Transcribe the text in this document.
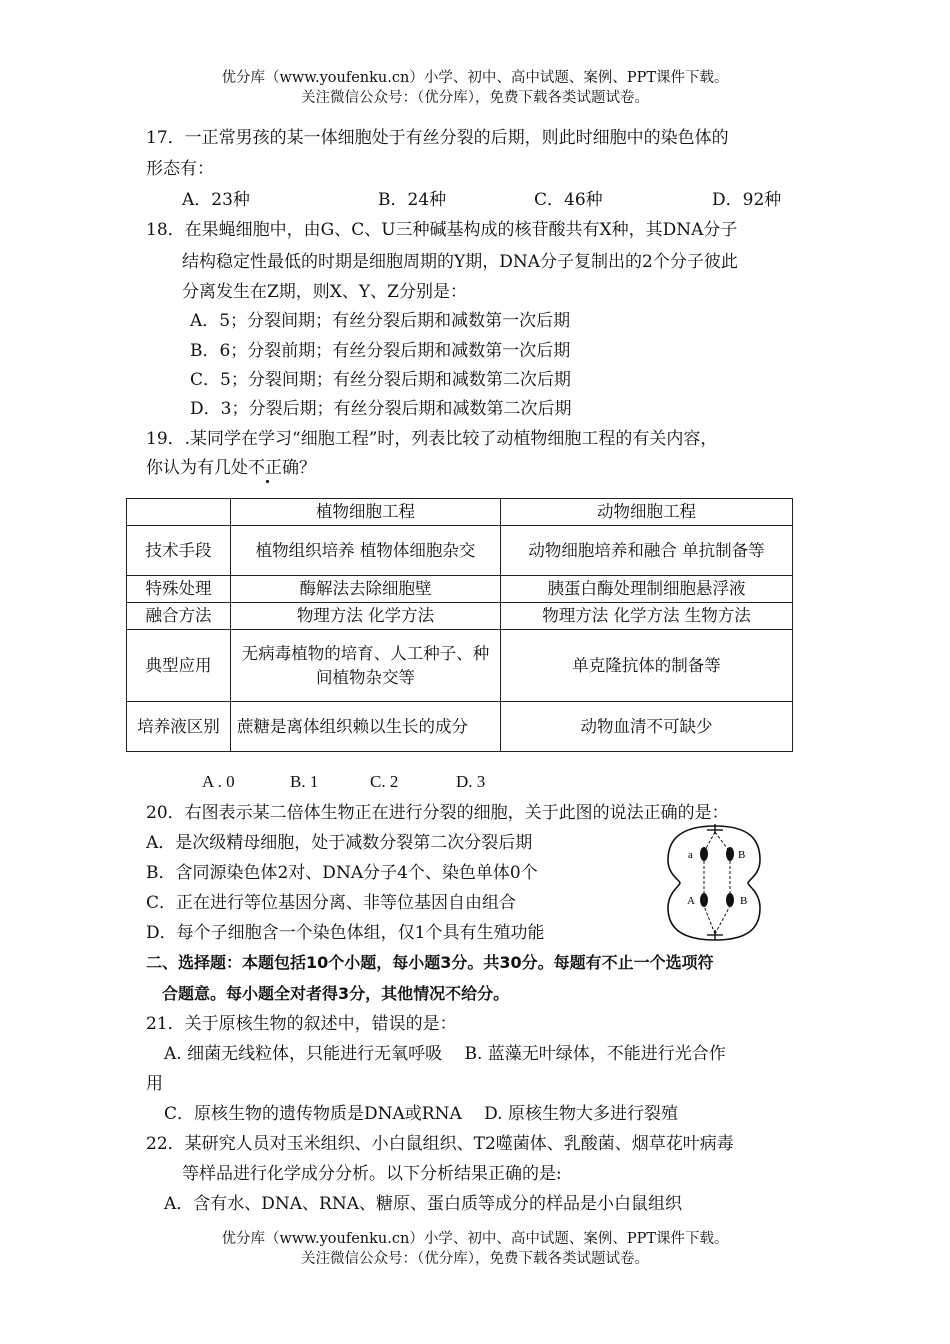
优分库（www.youfenku.cn）小学、初中、高中试题、案例、PPT课件下载。
关注微信公众号：（优分库），免费下载各类试题试卷。
17．一正常男孩的某一体细胞处于有丝分裂的后期，则此时细胞中的染色体的
形态有：
A．23种	B．24种	C．46种	D．92种
18．在果蝇细胞中，由G、C、U三种碱基构成的核苷酸共有X种，其DNA分子
结构稳定性最低的时期是细胞周期的Y期，DNA分子复制出的2个分子彼此
分离发生在Z期，则X、Y、Z分别是：
A．5；分裂间期；有丝分裂后期和减数第一次后期
B．6；分裂前期；有丝分裂后期和减数第一次后期
C．5；分裂间期；有丝分裂后期和减数第二次后期
D．3；分裂后期；有丝分裂后期和减数第二次后期
19．.某同学在学习“细胞工程”时，列表比较了动植物细胞工程的有关内容，
你认为有几处不正确？
	植物细胞工程	动物细胞工程
技术手段	植物组织培养 植物体细胞杂交	动物细胞培养和融合 单抗制备等
特殊处理	酶解法去除细胞壁	胰蛋白酶处理制细胞悬浮液
融合方法	物理方法 化学方法	物理方法 化学方法 生物方法
典型应用	无病毒植物的培育、人工种子、种间植物杂交等	单克隆抗体的制备等
培养液区别	蔗糖是离体组织赖以生长的成分	动物血清不可缺少
A . 0	B. 1	C. 2	D. 3
20．右图表示某二倍体生物正在进行分裂的细胞，关于此图的说法正确的是：
A．是次级精母细胞，处于减数分裂第二次分裂后期
B．含同源染色体2对、DNA分子4个、染色单体0个
C．正在进行等位基因分离、非等位基因自由组合
D．每个子细胞含一个染色体组，仅1个具有生殖功能
a	B
A	B
二、选择题：本题包括10个小题，每小题3分。共30分。每题有不止一个选项符
合题意。每小题全对者得3分，其他情况不给分。
21．关于原核生物的叙述中，错误的是：
A. 细菌无线粒体，只能进行无氧呼吸　 B. 蓝藻无叶绿体，不能进行光合作
用
C．原核生物的遗传物质是DNA或RNA　 D. 原核生物大多进行裂殖
22．某研究人员对玉米组织、小白鼠组织、T2噬菌体、乳酸菌、烟草花叶病毒
等样品进行化学成分分析。以下分析结果正确的是:
A．含有水、DNA、RNA、糖原、蛋白质等成分的样品是小白鼠组织
优分库（www.youfenku.cn）小学、初中、高中试题、案例、PPT课件下载。
关注微信公众号：（优分库），免费下载各类试题试卷。
